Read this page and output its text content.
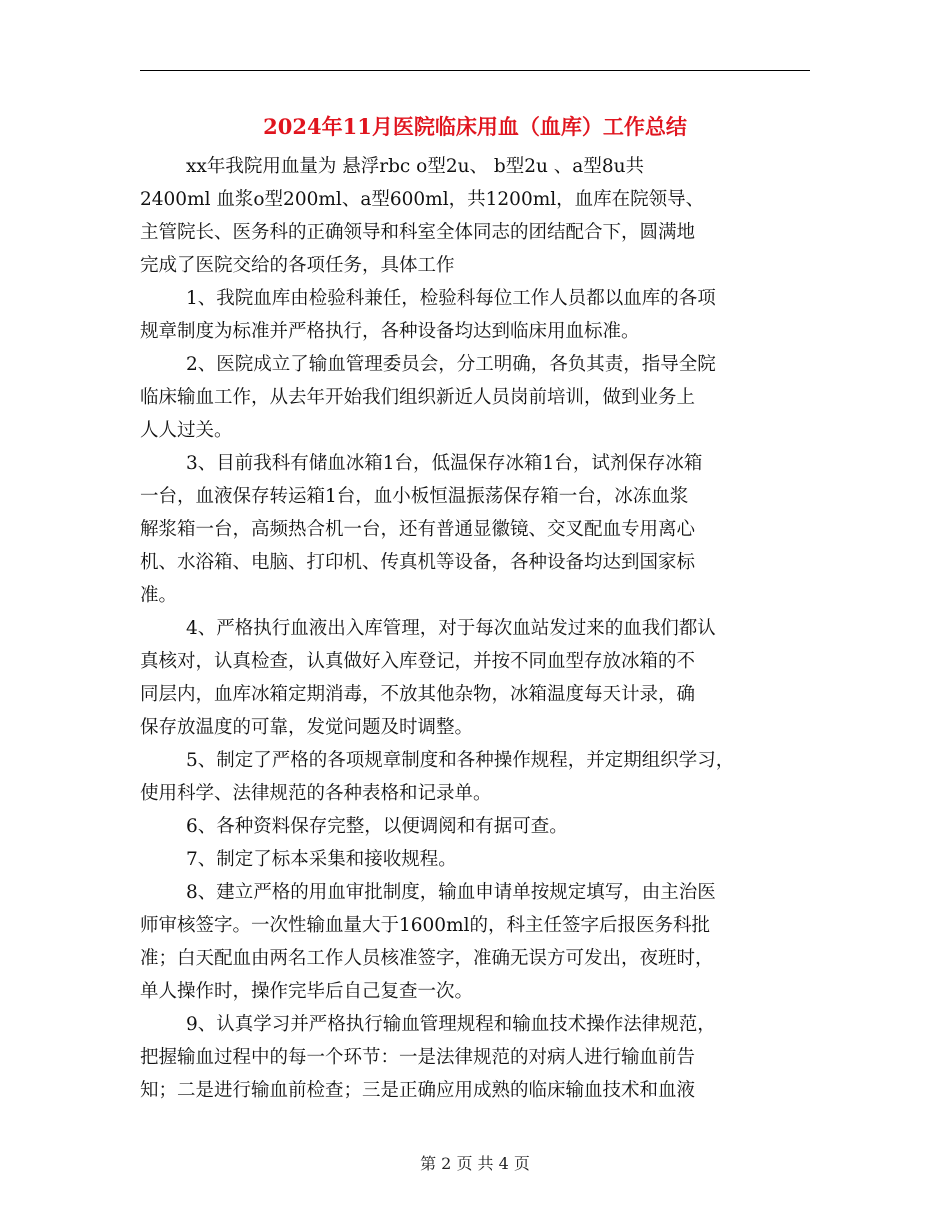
2024年11月医院临床用血（血库）工作总结
xx年我院用血量为 悬浮rbc o型2u、 b型2u 、a型8u共
2400ml 血浆o型200ml、a型600ml，共1200ml，血库在院领导、
主管院长、医务科的正确领导和科室全体同志的团结配合下，圆满地
完成了医院交给的各项任务，具体工作
1、我院血库由检验科兼任，检验科每位工作人员都以血库的各项
规章制度为标准并严格执行，各种设备均达到临床用血标准。
2、医院成立了输血管理委员会，分工明确，各负其责，指导全院
临床输血工作，从去年开始我们组织新近人员岗前培训，做到业务上
人人过关。
3、目前我科有储血冰箱1台，低温保存冰箱1台，试剂保存冰箱
一台，血液保存转运箱1台，血小板恒温振荡保存箱一台，冰冻血浆
解浆箱一台，高频热合机一台，还有普通显徽镜、交叉配血专用离心
机、水浴箱、电脑、打印机、传真机等设备，各种设备均达到国家标
准。
4、严格执行血液出入库管理，对于每次血站发过来的血我们都认
真核对，认真检查，认真做好入库登记，并按不同血型存放冰箱的不
同层内，血库冰箱定期消毒，不放其他杂物，冰箱温度每天计录，确
保存放温度的可靠，发觉问题及时调整。
5、制定了严格的各项规章制度和各种操作规程，并定期组织学习，
使用科学、法律规范的各种表格和记录单。
6、各种资料保存完整，以便调阅和有据可查。
7、制定了标本采集和接收规程。
8、建立严格的用血审批制度，输血申请单按规定填写，由主治医
师审核签字。一次性输血量大于1600ml的，科主任签字后报医务科批
准；白天配血由两名工作人员核准签字，准确无误方可发出，夜班时，
单人操作时，操作完毕后自己复查一次。
9、认真学习并严格执行输血管理规程和输血技术操作法律规范，
把握输血过程中的每一个环节：一是法律规范的对病人进行输血前告
知；二是进行输血前检查；三是正确应用成熟的临床输血技术和血液
第 2 页 共 4 页
